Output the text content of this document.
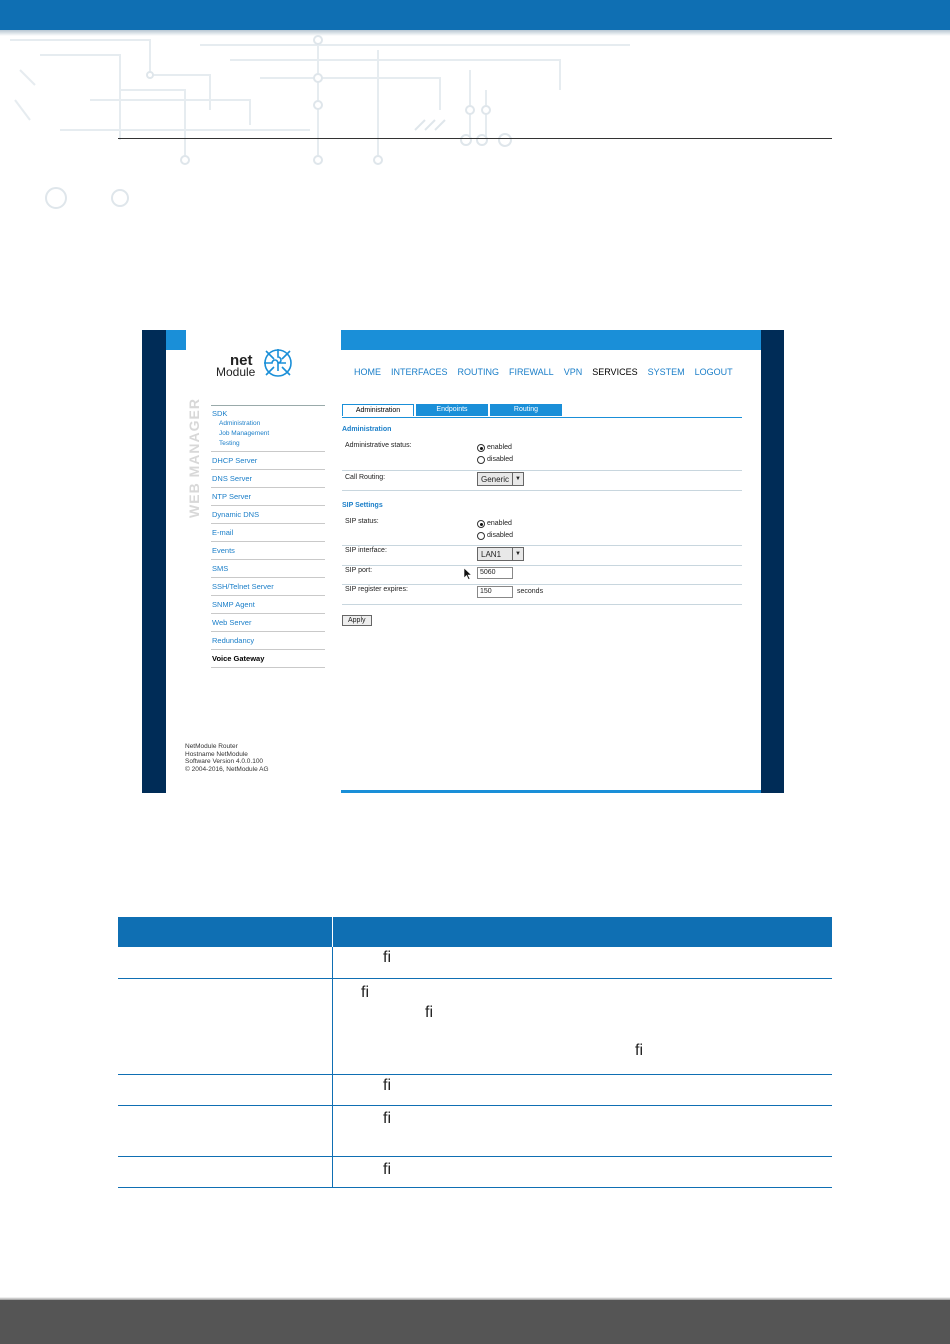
net
Module
WEB MANAGER SDK
Administration
Job Management
Testing
DHCP Server
DNS Server
NTP Server
Dynamic DNS
E-mail
Events
SMS
SSH/Telnet Server
SNMP Agent
Web Server
Redundancy
Voice Gateway
NetModule Router
Hostname NetModule
Software Version 4.0.0.100
© 2004-2016, NetModule AG
HOME INTERFACES ROUTING FIREWALL VPN SERVICES SYSTEM LOGOUT
Administration	Endpoints	Routing
Administration
Administrative status:	enabled
disabled
Call Routing:	Generic	▼
SIP Settings
SIP status:	enabled
disabled
SIP interface:	LAN1	▼
SIP port:	5060
SIP register expires:	150	seconds
Apply

	fi

	fi
fi
fi

	fi

	fi

	fi
